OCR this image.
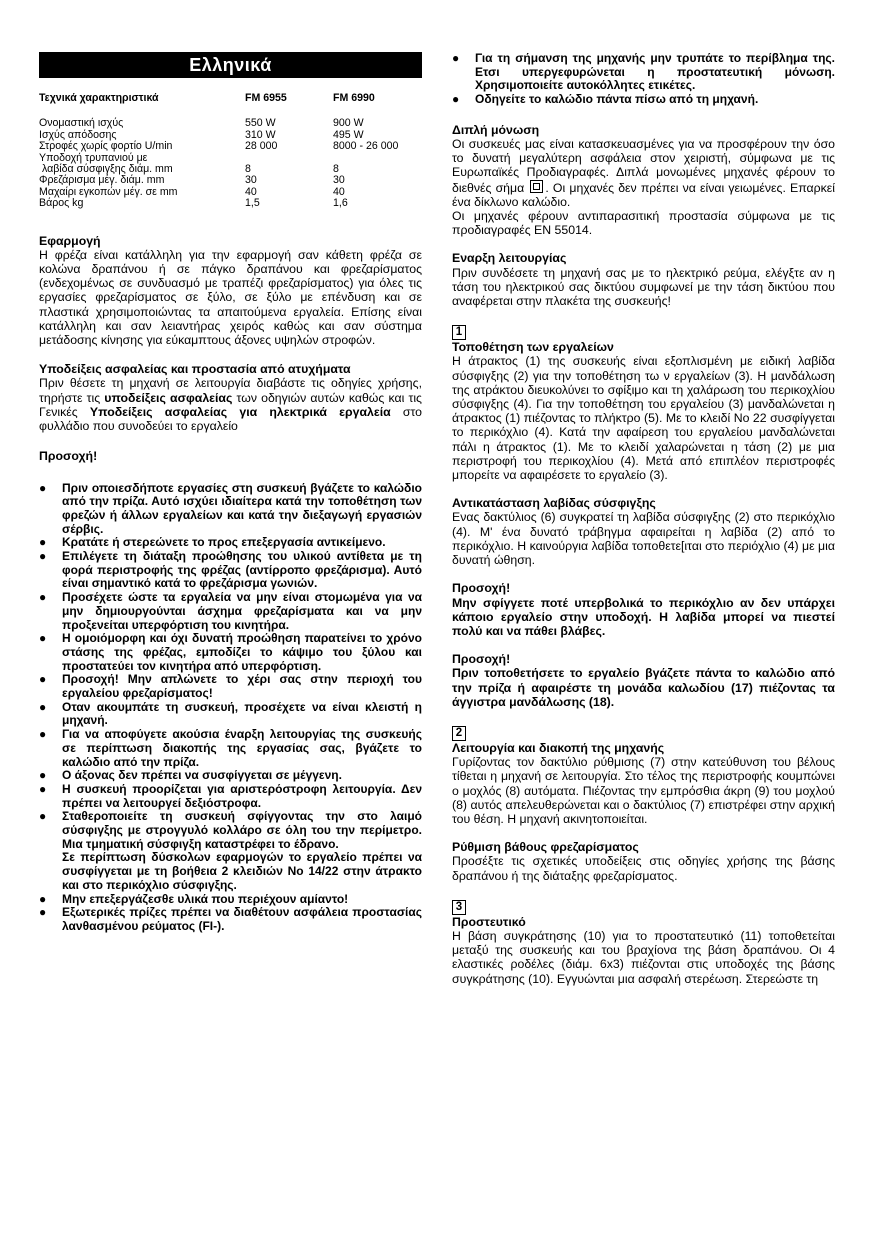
Ελληνικά
Τεχνικά χαρακτηριστικά	FM 6955	FM 6990

Ονομαστική ισχύς	550 W	900 W
Ισχύς απόδοσης	310 W	495 W
Στροφές χωρίς φορτίο U/min	28 000	8000 - 26 000
Υποδοχή τρυπανιού με		
λαβίδα σύσφιγξης διάμ. mm	8	8
Φρεζάρισμα μέγ. διάμ. mm	30	30
Μαχαίρι εγκοπών μέγ. σε mm	40	40
Βάρος kg	1,5	1,6
Εφαρμογή

Η φρέζα είναι κατάλληλη για την εφαρμογή σαν κάθετη φρέζα σε κολώνα δραπάνου ή σε πάγκο δραπάνου και φρεζαρίσματος (ενδεχομένως σε συνδυασμό με τραπέζι φρεζαρίσματος) για όλες τις εργασίες φρεζαρίσματος σε ξύλο, σε ξύλο με επένδυση και σε πλαστικά χρησιμοποιώντας τα απαιτούμενα εργαλεία. Επίσης είναι κατάλληλη και σαν λειαντήρας χειρός καθώς και σαν σύστημα μετάδοσης κίνησης για εύκαμπτους άξονες υψηλών στροφών.

Υποδείξεις ασφαλείας και προστασία από ατυχήματα

Πριν θέσετε τη μηχανή σε λειτουργία διαβάστε τις οδηγίες χρήσης, τηρήστε τις υποδείξεις ασφαλείας των οδηγιών αυτών καθώς και τις Γενικές Υποδείξεις ασφαλείας για ηλεκτρικά εργαλεία στο φυλλάδιο που συνοδεύει το εργαλείο

Προσοχή!
● Πριν οποιεσδήποτε εργασίες στη συσκευή βγάζετε το καλώδιο από την πρίζα. Αυτό ισχύει ιδιαίτερα κατά την τοποθέτηση των φρεζών ή άλλων εργαλείων και κατά την διεξαγωγή εργασιών σέρβις.
● Κρατάτε ή στερεώνετε το προς επεξεργασία αντικείμενο.
● Επιλέγετε τη διάταξη προώθησης του υλικού αντίθετα με τη φορά περιστροφής της φρέζας (αντίρροπο φρεζάρισμα). Αυτό είναι σημαντικό κατά το φρεζάρισμα γωνιών.
● Προσέχετε ώστε τα εργαλεία να μην είναι στομωμένα για να μην δημιουργούνται άσχημα φρεζαρίσματα και να μην προξενείται υπερφόρτιση του κινητήρα.
● Η ομοιόμορφη και όχι δυνατή προώθηση παρατείνει το χρόνο στάσης της φρέζας, εμποδίζει το κάψιμο του ξύλου και προστατεύει τον κινητήρα από υπερφόρτιση.
● Προσοχή! Μην απλώνετε το χέρι σας στην περιοχή του εργαλείου φρεζαρίσματος!
● Οταν ακουμπάτε τη συσκευή, προσέχετε να είναι κλειστή η μηχανή.
● Για να αποφύγετε ακούσια έναρξη λειτουργίας της συσκευής σε περίπτωση διακοπής της εργασίας σας, βγάζετε το καλώδιο από την πρίζα.
● Ο άξονας δεν πρέπει να συσφίγγεται σε μέγγενη.
● Η συσκευή προορίζεται για αριστερόστροφη λειτουργία. Δεν πρέπει να λειτουργεί δεξιόστροφα.
● Σταθεροποιείτε τη συσκευή σφίγγοντας την στο λαιμό σύσφιγξης με στρογγυλό κολλάρο σε όλη του την περίμετρο. Μια τμηματική σύσφιγξη καταστρέφει το έδρανο.
Σε περίπτωση δύσκολων εφαρμογών το εργαλείο πρέπει να συσφίγγεται με τη βοήθεια 2 κλειδιών Νο 14/22 στην άτρακτο και στο περικόχλιο σύσφιγξης.
● Μην επεξεργάζεσθε υλικά που περιέχουν αμίαντο!
● Εξωτερικές πρίζες πρέπει να διαθέτουν ασφάλεια προστασίας λανθασμένου ρεύματος (FI-).
● Για τη σήμανση της μηχανής μην τρυπάτε το περίβλημα της. Ετσι υπεργεφυρώνεται η προστατευτική μόνωση. Χρησιμοποιείτε αυτοκόλλητες ετικέτες.
● Οδηγείτε το καλώδιο πάντα πίσω από τη μηχανή.
Διπλή μόνωση

Οι συσκευές μας είναι κατασκευασμένες για να προσφέρουν την όσο το δυνατή μεγαλύτερη ασφάλεια στον χειριστή, σύμφωνα με τις Ευρωπαϊκές Προδιαγραφές. Διπλά μονωμένες μηχανές φέρουν το διεθνές σήμα . Οι μηχανές δεν πρέπει να είναι γειωμένες. Επαρκεί ένα δίκλωνο καλώδιο.

Οι μηχανές φέρουν αντιπαρασιτική προστασία σύμφωνα με τις προδιαγραφές EN 55014.

Εναρξη λειτουργίας

Πριν συνδέσετε τη μηχανή σας με το ηλεκτρικό ρεύμα, ελέγξτε αν η τάση του ηλεκτρικού σας δικτύου συμφωνεί με την τάση δικτύου που αναφέρεται στην πλακέτα της συσκευής!

1
Τοποθέτηση των εργαλείων

Η άτρακτος (1) της συσκευής είναι εξοπλισμένη με ειδική λαβίδα σύσφιγξης (2) για την τοποθέτηση τω ν εργαλείων (3). Η μανδάλωση της ατράκτου διευκολύνει το σφίξιμο και τη χαλάρωση του περικοχλίου σύσφιγξης (4). Για την τοποθέτηση του εργαλείου (3) μανδαλώνεται η άτρακτος (1) πιέζοντας το πλήκτρο (5). Με το κλειδί Νο 22 συσφίγγεται το περικόχλιο (4). Κατά την αφαίρεση του εργαλείου μανδαλώνεται πάλι η άτρακτος (1). Με το κλειδί χαλαρώνεται η τάση (2) με μια περιστροφή του περικοχλίου (4). Μετά από επιπλέον περιστροφές μπορείτε να αφαιρέσετε το εργαλείο (3).

Αντικατάσταση λαβίδας σύσφιγξης

Ενας δακτύλιος (6) συγκρατεί τη λαβίδα σύσφιγξης (2) στο περικόχλιο (4). Μ' ένα δυνατό τράβηγμα αφαιρείται η λαβίδα (2) από το περικόχλιο. Η καινούργια λαβίδα τοποθετε[ιται στο περιόχλιο (4) με μια δυνατή ώθηση.

Προσοχή!

Μην σφίγγετε ποτέ υπερβολικά το περικόχλιο αν δεν υπάρχει κάποιο εργαλείο στην υποδοχή. Η λαβίδα μπορεί να πιεστεί πολύ και να πάθει βλάβες.

Προσοχή!

Πριν τοποθετήσετε το εργαλείο βγάζετε πάντα το καλώδιο από την πρίζα ή αφαιρέστε τη μονάδα καλωδίου (17) πιέζοντας τα άγγιστρα μανδάλωσης (18).

2
Λειτουργία και διακοπή της μηχανής

Γυρίζοντας τον δακτύλιο ρύθμισης (7) στην κατεύθυνση του βέλους τίθεται η μηχανή σε λειτουργία. Στο τέλος της περιστροφής κουμπώνει ο μοχλός (8) αυτόματα. Πιέζοντας την εμπρόσθια άκρη (9) του μοχλού (8) αυτός απελευθερώνεται και ο δακτύλιος (7) επιστρέφει στην αρχική του θέση. Η μηχανή ακινητοποιείται.

Ρύθμιση βάθους φρεζαρίσματος

Προσέξτε τις σχετικές υποδείξεις στις οδηγίες χρήσης της βάσης δραπάνου ή της διάταξης φρεζαρίσματος.

3
Προστευτικό

Η βάση συγκράτησης (10) για το προστατευτικό (11) τοποθετείται μεταξύ της συσκευής και του βραχίονα της βάση δραπάνου. Οι 4 ελαστικές ροδέλες (διάμ. 6x3) πιέζονται στις υποδοχές της βάσης συγκράτησης (10). Εγγυώνται μια ασφαλή στερέωση. Στερεώστε τη
